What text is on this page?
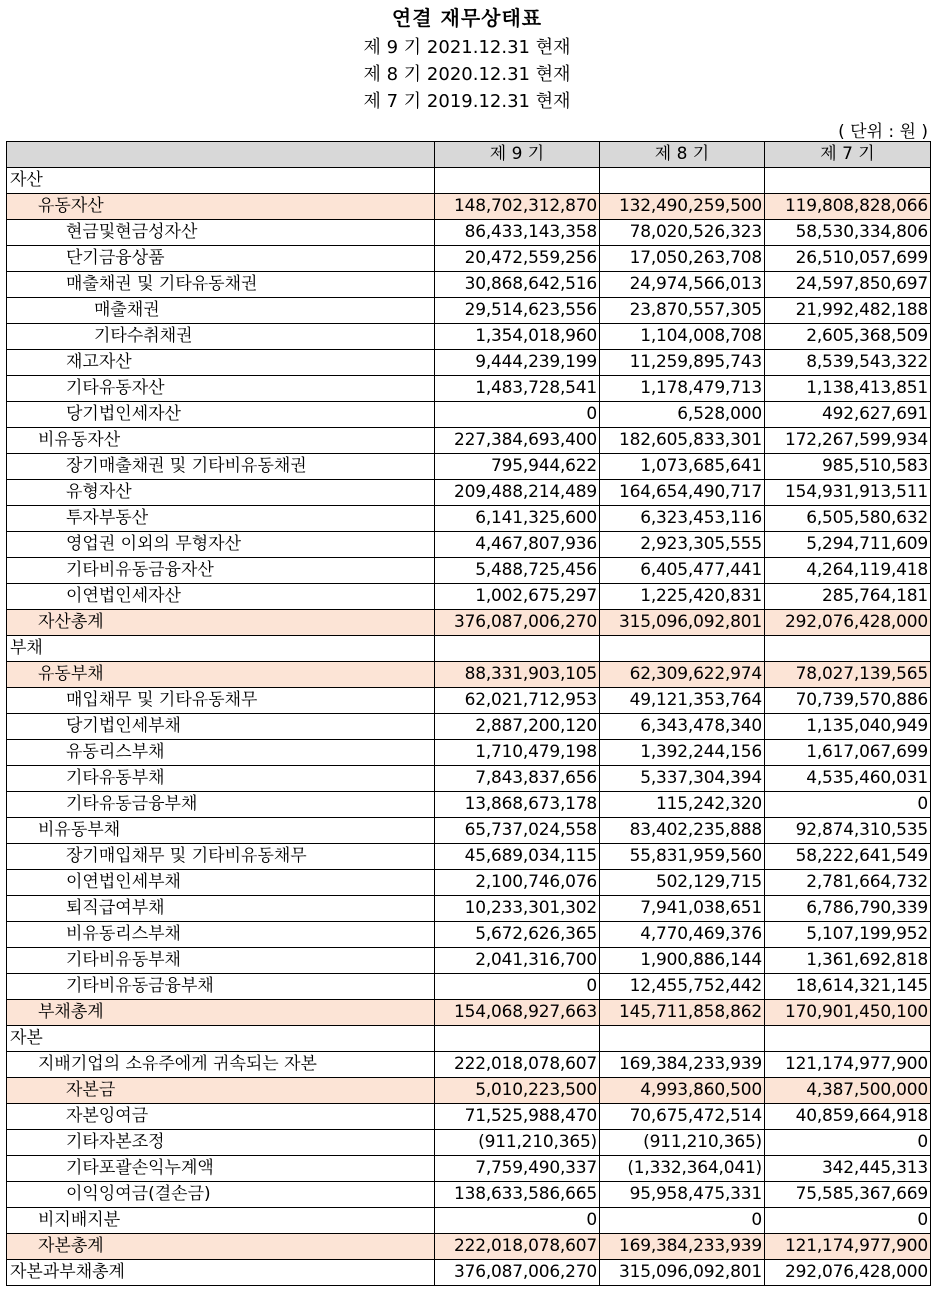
연결 재무상태표
제 9 기 2021.12.31 현재
제 8 기 2020.12.31 현재
제 7 기 2019.12.31 현재
( 단위 : 원 )
	제 9 기	제 8 기	제 7 기
자산			
유동자산	148,702,312,870	132,490,259,500	119,808,828,066
현금및현금성자산	86,433,143,358	78,020,526,323	58,530,334,806
단기금융상품	20,472,559,256	17,050,263,708	26,510,057,699
매출채권 및 기타유동채권	30,868,642,516	24,974,566,013	24,597,850,697
매출채권	29,514,623,556	23,870,557,305	21,992,482,188
기타수취채권	1,354,018,960	1,104,008,708	2,605,368,509
재고자산	9,444,239,199	11,259,895,743	8,539,543,322
기타유동자산	1,483,728,541	1,178,479,713	1,138,413,851
당기법인세자산	0	6,528,000	492,627,691
비유동자산	227,384,693,400	182,605,833,301	172,267,599,934
장기매출채권 및 기타비유동채권	795,944,622	1,073,685,641	985,510,583
유형자산	209,488,214,489	164,654,490,717	154,931,913,511
투자부동산	6,141,325,600	6,323,453,116	6,505,580,632
영업권 이외의 무형자산	4,467,807,936	2,923,305,555	5,294,711,609
기타비유동금융자산	5,488,725,456	6,405,477,441	4,264,119,418
이연법인세자산	1,002,675,297	1,225,420,831	285,764,181
자산총계	376,087,006,270	315,096,092,801	292,076,428,000
부채			
유동부채	88,331,903,105	62,309,622,974	78,027,139,565
매입채무 및 기타유동채무	62,021,712,953	49,121,353,764	70,739,570,886
당기법인세부채	2,887,200,120	6,343,478,340	1,135,040,949
유동리스부채	1,710,479,198	1,392,244,156	1,617,067,699
기타유동부채	7,843,837,656	5,337,304,394	4,535,460,031
기타유동금융부채	13,868,673,178	115,242,320	0
비유동부채	65,737,024,558	83,402,235,888	92,874,310,535
장기매입채무 및 기타비유동채무	45,689,034,115	55,831,959,560	58,222,641,549
이연법인세부채	2,100,746,076	502,129,715	2,781,664,732
퇴직급여부채	10,233,301,302	7,941,038,651	6,786,790,339
비유동리스부채	5,672,626,365	4,770,469,376	5,107,199,952
기타비유동부채	2,041,316,700	1,900,886,144	1,361,692,818
기타비유동금융부채	0	12,455,752,442	18,614,321,145
부채총계	154,068,927,663	145,711,858,862	170,901,450,100
자본			
지배기업의 소유주에게 귀속되는 자본	222,018,078,607	169,384,233,939	121,174,977,900
자본금	5,010,223,500	4,993,860,500	4,387,500,000
자본잉여금	71,525,988,470	70,675,472,514	40,859,664,918
기타자본조정	(911,210,365)	(911,210,365)	0
기타포괄손익누계액	7,759,490,337	(1,332,364,041)	342,445,313
이익잉여금(결손금)	138,633,586,665	95,958,475,331	75,585,367,669
비지배지분	0	0	0
자본총계	222,018,078,607	169,384,233,939	121,174,977,900
자본과부채총계	376,087,006,270	315,096,092,801	292,076,428,000
